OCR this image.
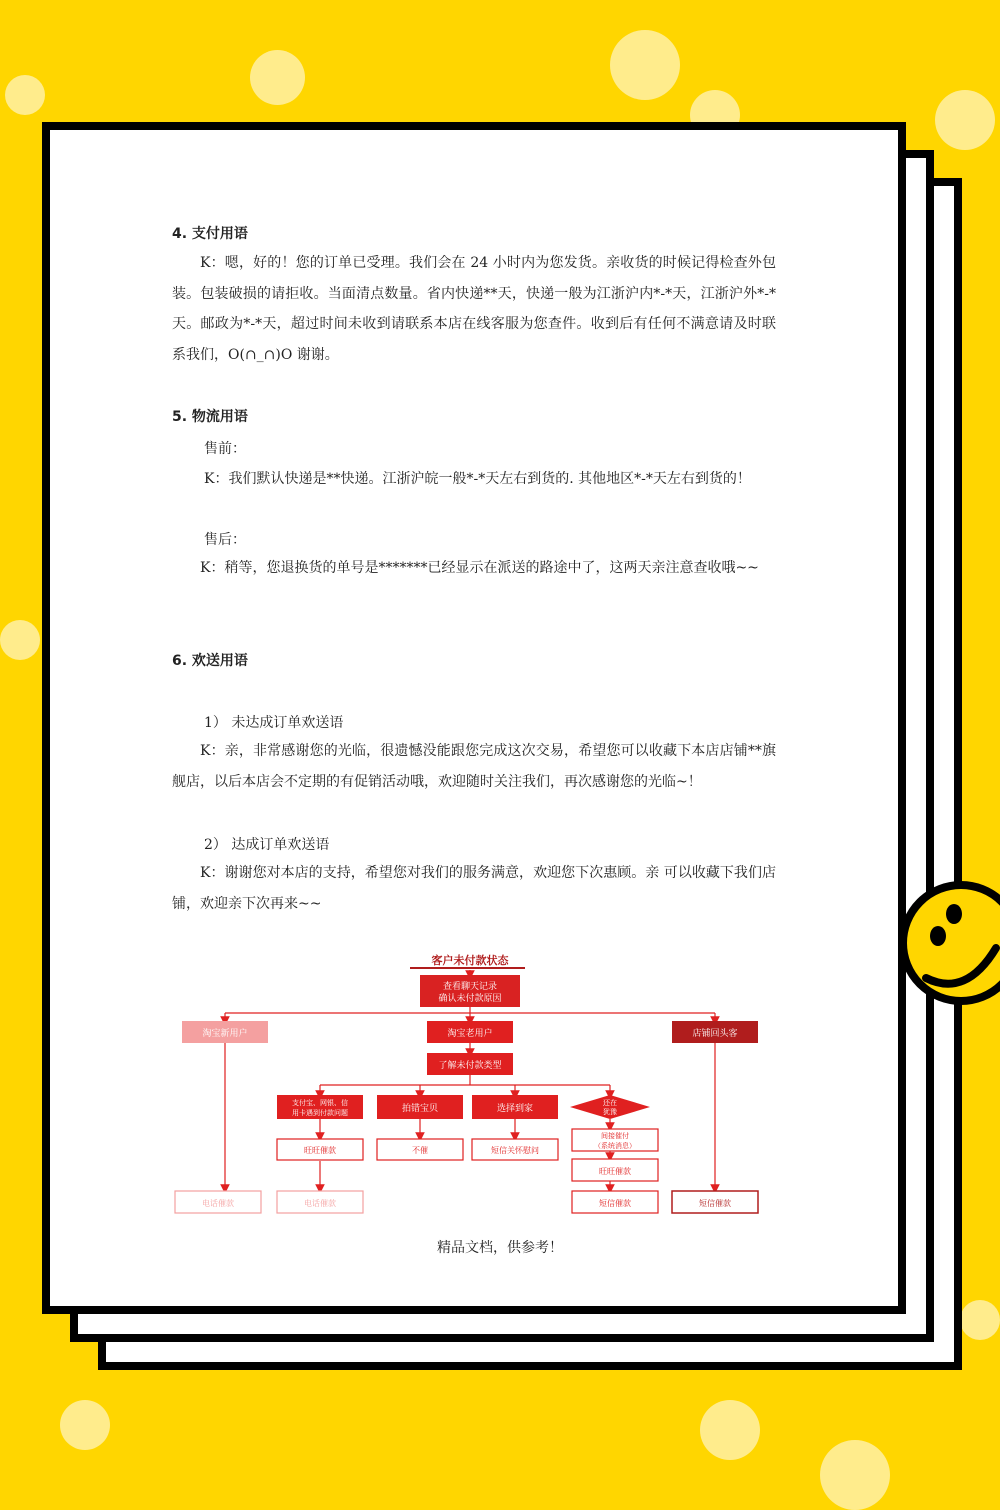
4. 支付用语
K：嗯，好的！您的订单已受理。我们会在 24 小时内为您发货。亲收货的时候记得检查外包装。包装破损的请拒收。当面清点数量。省内快递**天，快递一般为江浙沪内*-*天，江浙沪外*-*天。邮政为*-*天，超过时间未收到请联系本店在线客服为您查件。收到后有任何不满意请及时联系我们，O(∩_∩)O 谢谢。
5. 物流用语
售前：
K：我们默认快递是**快递。江浙沪皖一般*-*天左右到货的. 其他地区*-*天左右到货的！
售后：
K：稍等，您退换货的单号是*******已经显示在派送的路途中了，这两天亲注意查收哦~~
6. 欢送用语
1） 未达成订单欢送语
K：亲，非常感谢您的光临，很遗憾没能跟您完成这次交易，希望您可以收藏下本店店铺**旗舰店，以后本店会不定期的有促销活动哦，欢迎随时关注我们，再次感谢您的光临~！
2） 达成订单欢送语
K：谢谢您对本店的支持，希望您对我们的服务满意，欢迎您下次惠顾。亲 可以收藏下我们店铺，欢迎亲下次再来~~
客户未付款状态
查看聊天记录
确认未付款原因
淘宝新用户	淘宝老用户	店铺回头客
了解未付款类型
支付宝、网银、信
用卡遇到付款问题	拍错宝贝	选择到家
还在
犹豫
旺旺催款	不催	短信关怀慰问
间接催付
（系统消息）
旺旺催款
短信催款
电话催款	电话催款	短信催款
精品文档，供参考！
